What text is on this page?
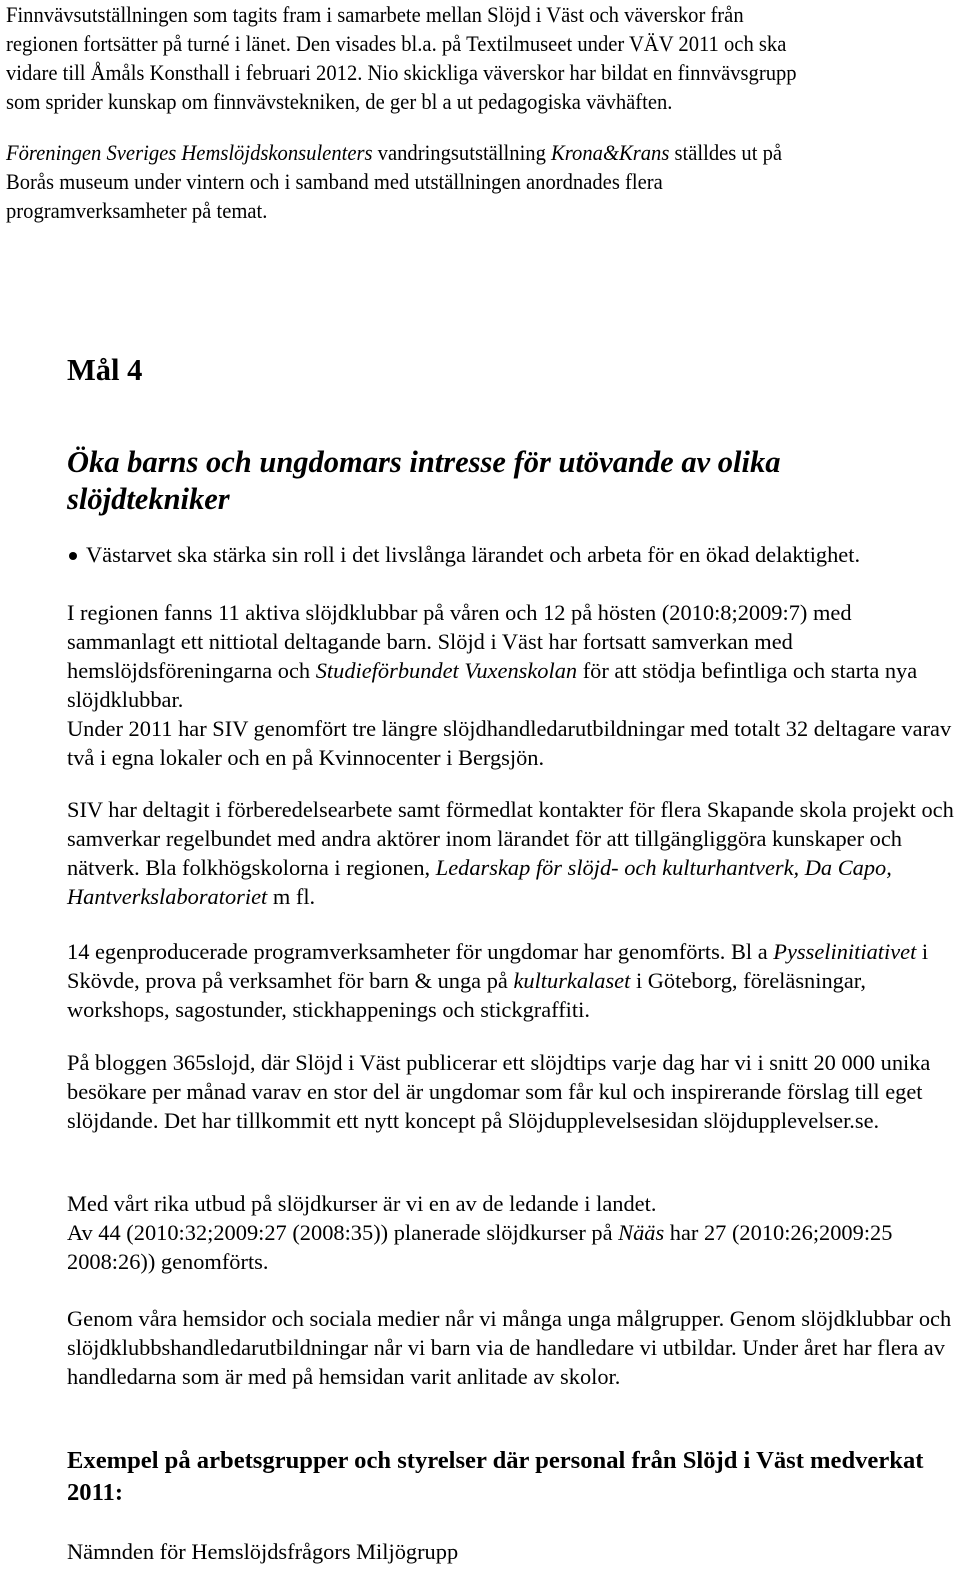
Finnvävsutställningen som tagits fram i samarbete mellan Slöjd i Väst och väverskor från
regionen fortsätter på turné i länet. Den visades bl.a. på Textilmuseet under VÄV 2011 och ska
vidare till Åmåls Konsthall i februari 2012. Nio skickliga väverskor har bildat en finnvävsgrupp
som sprider kunskap om finnvävstekniken, de ger bl a ut pedagogiska vävhäften.
Föreningen Sveriges Hemslöjdskonsulenters vandringsutställning Krona&Krans ställdes ut på
Borås museum under vintern och i samband med utställningen anordnades flera
programverksamheter på temat.
Mål 4
Öka barns och ungdomars intresse för utövande av olika slöjdtekniker
Västarvet ska stärka sin roll i det livslånga lärandet och arbeta för en ökad delaktighet.

I regionen fanns 11 aktiva slöjdklubbar på våren och 12 på hösten (2010:8;2009:7) med sammanlagt ett nittiotal deltagande barn. Slöjd i Väst har fortsatt samverkan med hemslöjdsföreningarna och Studieförbundet Vuxenskolan för att stödja befintliga och starta nya slöjdklubbar.

Under 2011 har SIV genomfört tre längre slöjdhandledarutbildningar med totalt 32 deltagare varav två i egna lokaler och en på Kvinnocenter i Bergsjön.

SIV har deltagit i förberedelsearbete samt förmedlat kontakter för flera Skapande skola projekt och samverkar regelbundet med andra aktörer inom lärandet för att tillgängliggöra kunskaper och nätverk. Bla folkhögskolorna i regionen, Ledarskap för slöjd- och kulturhantverk, Da Capo, Hantverkslaboratoriet m fl.

14 egenproducerade programverksamheter för ungdomar har genomförts. Bl a Pysselinitiativet i Skövde, prova på verksamhet för barn & unga på kulturkalaset i Göteborg, föreläsningar, workshops, sagostunder, stickhappenings och stickgraffiti.

På bloggen 365slojd, där Slöjd i Väst publicerar ett slöjdtips varje dag har vi i snitt 20 000 unika besökare per månad varav en stor del är ungdomar som får kul och inspirerande förslag till eget slöjdande. Det har tillkommit ett nytt koncept på Slöjdupplevelsesidan slöjdupplevelser.se.

Med vårt rika utbud på slöjdkurser är vi en av de ledande i landet.
Av 44 (2010:32;2009:27 (2008:35)) planerade slöjdkurser på Nääs har 27 (2010:26;2009:25 2008:26)) genomförts.

Genom våra hemsidor och sociala medier når vi många unga målgrupper. Genom slöjdklubbar och slöjdklubbshandledarutbildningar når vi barn via de handledare vi utbildar. Under året har flera av handledarna som är med på hemsidan varit anlitade av skolor.

Exempel på arbetsgrupper och styrelser där personal från Slöjd i Väst medverkat 2011:

Nämnden för Hemslöjdsfrågors Miljögrupp
